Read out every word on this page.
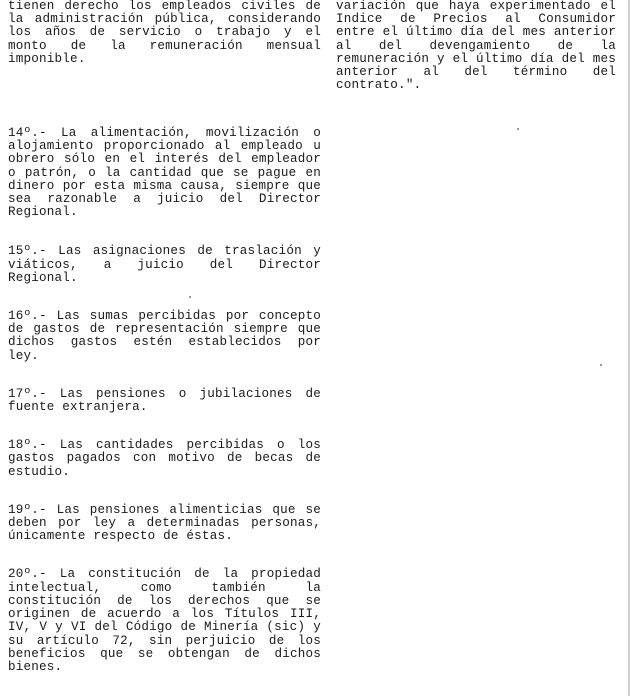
tienen derecho los empleados civiles de la administración pública, considerando los años de servicio o trabajo y el monto de la remuneración mensual imponible.

14º.- La alimentación, movilización o alojamiento proporcionado al empleado u obrero sólo en el interés del empleador o patrón, o la cantidad que se pague en dinero por esta misma causa, siempre que sea razonable a juicio del Director Regional.

15º.- Las asignaciones de traslación y viáticos, a juicio del Director Regional.

16º.- Las sumas percibidas por concepto de gastos de representación siempre que dichos gastos estén establecidos por ley.

17º.- Las pensiones o jubilaciones de fuente extranjera.

18º.- Las cantidades percibidas o los gastos pagados con motivo de becas de estudio.

19º.- Las pensiones alimenticias que se deben por ley a determinadas personas, únicamente respecto de éstas.

20º.- La constitución de la propiedad intelectual, como también la constitución de los derechos que se originen de acuerdo a los Títulos III, IV, V y VI del Código de Minería (sic) y su artículo 72, sin perjuicio de los beneficios que se obtengan de dichos bienes.

variación que haya experimentado el Indice de Precios al Consumidor entre el último día del mes anterior al del devengamiento de la remuneración y el último día del mes anterior al del término del contrato.".
